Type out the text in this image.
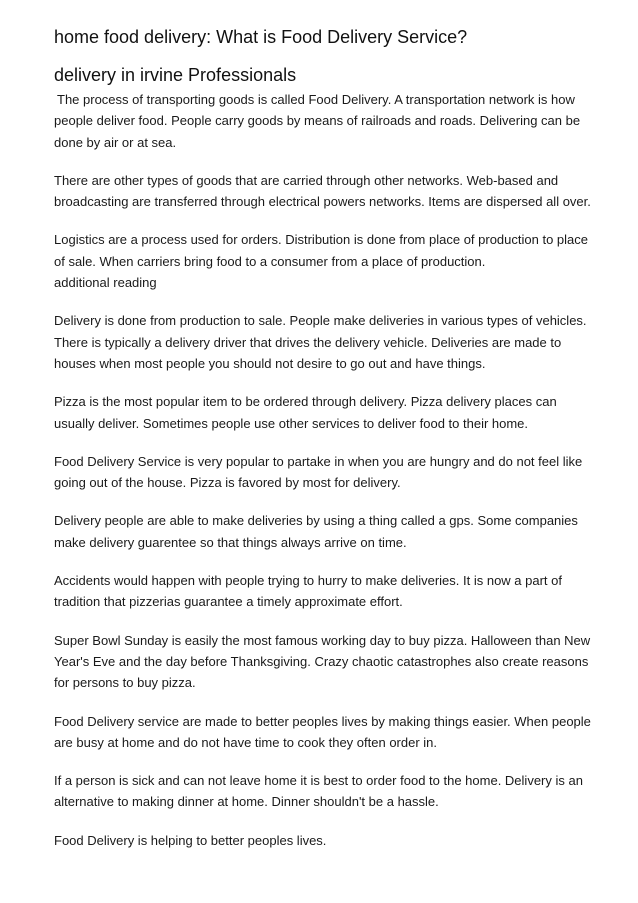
home food delivery: What is Food Delivery Service?
delivery in irvine Professionals

The process of transporting goods is called Food Delivery. A transportation network is how people deliver food. People carry goods by means of railroads and roads. Delivering can be done by air or at sea.

There are other types of goods that are carried through other networks. Web-based and broadcasting are transferred through electrical powers networks. Items are dispersed all over.

Logistics are a process used for orders. Distribution is done from place of production to place of sale. When carriers bring food to a consumer from a place of production.
additional reading

Delivery is done from production to sale. People make deliveries in various types of vehicles. There is typically a delivery driver that drives the delivery vehicle. Deliveries are made to houses when most people you should not desire to go out and have things.

Pizza is the most popular item to be ordered through delivery. Pizza delivery places can usually deliver. Sometimes people use other services to deliver food to their home.

Food Delivery Service is very popular to partake in when you are hungry and do not feel like going out of the house. Pizza is favored by most for delivery.

Delivery people are able to make deliveries by using a thing called a gps. Some companies make delivery guarentee so that things always arrive on time.

Accidents would happen with people trying to hurry to make deliveries. It is now a part of tradition that pizzerias guarantee a timely approximate effort.

Super Bowl Sunday is easily the most famous working day to buy pizza. Halloween than New Year's Eve and the day before Thanksgiving. Crazy chaotic catastrophes also create reasons for persons to buy pizza.

Food Delivery service are made to better peoples lives by making things easier. When people are busy at home and do not have time to cook they often order in.

If a person is sick and can not leave home it is best to order food to the home. Delivery is an alternative to making dinner at home. Dinner shouldn't be a hassle.

Food Delivery is helping to better peoples lives.
